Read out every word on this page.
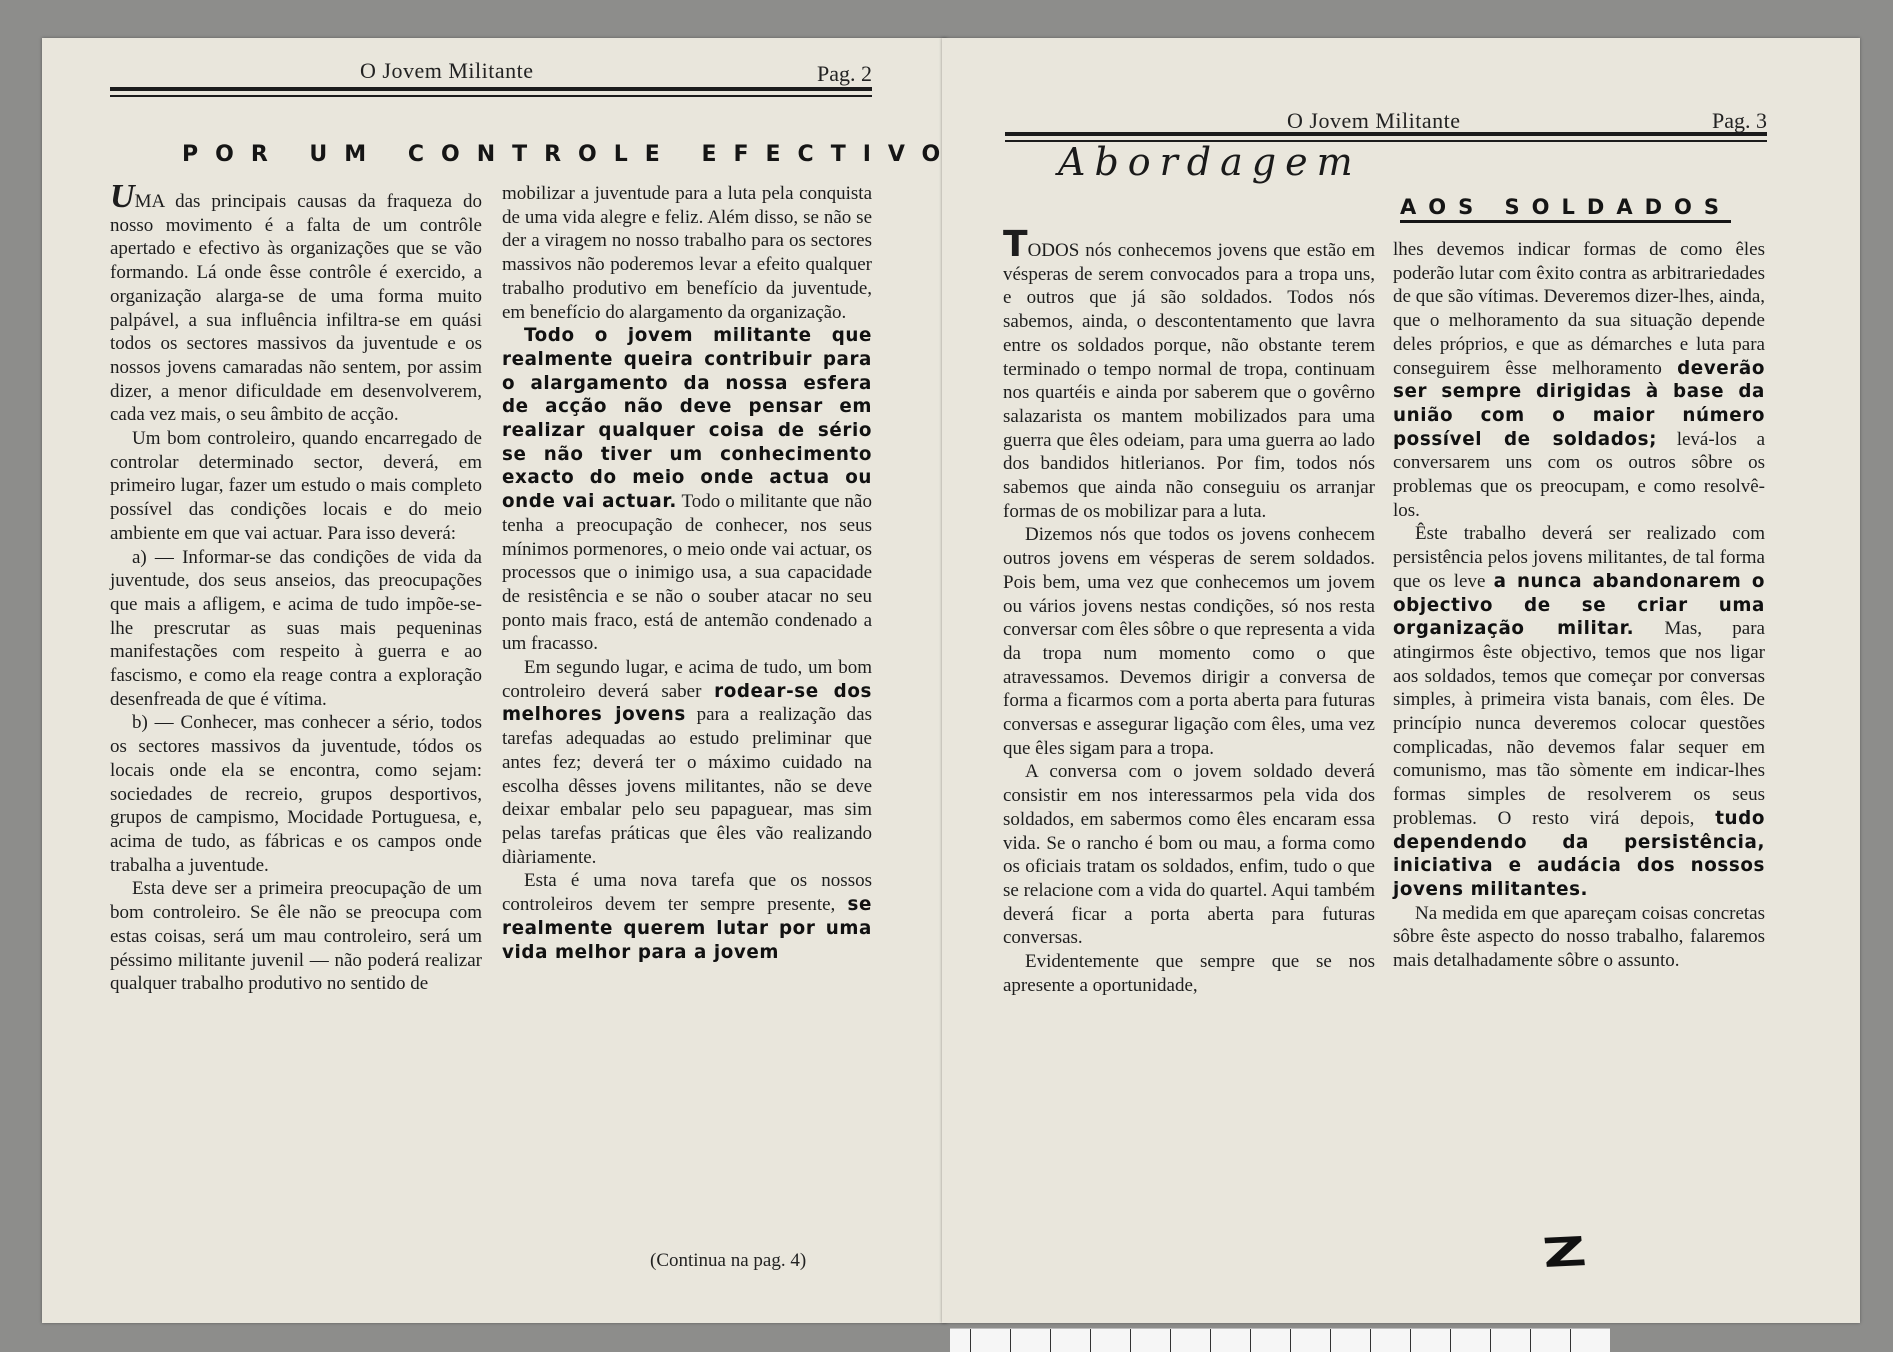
O Jovem Militante	Pag. 2
POR UM CONTROLE EFECTIVO

UMA das principais causas da fraqueza do nosso movimento é a falta de um contrôle apertado e efectivo às organizações que se vão formando. Lá onde êsse contrôle é exercido, a organização alarga-se de uma forma muito palpável, a sua influência infiltra-se em quási todos os sectores massivos da juventude e os nossos jovens camaradas não sentem, por assim dizer, a menor dificuldade em desenvolverem, cada vez mais, o seu âmbito de acção.

Um bom controleiro, quando encarregado de controlar determinado sector, deverá, em primeiro lugar, fazer um estudo o mais completo possível das condições locais e do meio ambiente em que vai actuar. Para isso deverá:

a) — Informar-se das condições de vida da juventude, dos seus anseios, das preocupações que mais a afligem, e acima de tudo impõe-se-lhe prescrutar as suas mais pequeninas manifestações com respeito à guerra e ao fascismo, e como ela reage contra a exploração desenfreada de que é vítima.

b) — Conhecer, mas conhecer a sério, todos os sectores massivos da juventude, tódos os locais onde ela se encontra, como sejam: sociedades de recreio, grupos desportivos, grupos de campismo, Mocidade Portuguesa, e, acima de tudo, as fábricas e os campos onde trabalha a juventude.

Esta deve ser a primeira preocupação de um bom controleiro. Se êle não se preocupa com estas coisas, será um mau controleiro, será um péssimo militante juvenil — não poderá realizar qualquer trabalho produtivo no sentido de

mobilizar a juventude para a luta pela conquista de uma vida alegre e feliz. Além disso, se não se der a viragem no nosso trabalho para os sectores massivos não poderemos levar a efeito qualquer trabalho produtivo em benefício da juventude, em benefício do alargamento da organização.

Todo o jovem militante que realmente queira contribuir para o alargamento da nossa esfera de acção não deve pensar em realizar qualquer coisa de sério se não tiver um conhecimento exacto do meio onde actua ou onde vai actuar. Todo o militante que não tenha a preocupação de conhecer, nos seus mínimos pormenores, o meio onde vai actuar, os processos que o inimigo usa, a sua capacidade de resistência e se não o souber atacar no seu ponto mais fraco, está de antemão condenado a um fracasso.

Em segundo lugar, e acima de tudo, um bom controleiro deverá saber rodear-se dos melhores jovens para a realização das tarefas adequadas ao estudo preliminar que antes fez; deverá ter o máximo cuidado na escolha dêsses jovens militantes, não se deve deixar embalar pelo seu papaguear, mas sim pelas tarefas práticas que êles vão realizando diàriamente.

Esta é uma nova tarefa que os nossos controleiros devem ter sempre presente, se realmente querem lutar por uma vida melhor para a jovem

(Continua na pag. 4)
O Jovem Militante	Pag. 3
Abordagem
AOS SOLDADOS

TODOS nós conhecemos jovens que estão em vésperas de serem convocados para a tropa uns, e outros que já são soldados. Todos nós sabemos, ainda, o descontentamento que lavra entre os soldados porque, não obstante terem terminado o tempo normal de tropa, continuam nos quartéis e ainda por saberem que o govêrno salazarista os mantem mobilizados para uma guerra que êles odeiam, para uma guerra ao lado dos bandidos hitlerianos. Por fim, todos nós sabemos que ainda não conseguiu os arranjar formas de os mobilizar para a luta.

Dizemos nós que todos os jovens conhecem outros jovens em vésperas de serem soldados. Pois bem, uma vez que conhecemos um jovem ou vários jovens nestas condições, só nos resta conversar com êles sôbre o que representa a vida da tropa num momento como o que atravessamos. Devemos dirigir a conversa de forma a ficarmos com a porta aberta para futuras conversas e assegurar ligação com êles, uma vez que êles sigam para a tropa.

A conversa com o jovem soldado deverá consistir em nos interessarmos pela vida dos soldados, em sabermos como êles encaram essa vida. Se o rancho é bom ou mau, a forma como os oficiais tratam os soldados, enfim, tudo o que se relacione com a vida do quartel. Aqui também deverá ficar a porta aberta para futuras conversas.

Evidentemente que sempre que se nos apresente a oportunidade,

lhes devemos indicar formas de como êles poderão lutar com êxito contra as arbitrariedades de que são vítimas. Deveremos dizer-lhes, ainda, que o melhoramento da sua situação depende deles próprios, e que as démarches e luta para conseguirem êsse melhoramento deverão ser sempre dirigidas à base da união com o maior número possível de soldados; levá-los a conversarem uns com os outros sôbre os problemas que os preocupam, e como resolvê-los.

Êste trabalho deverá ser realizado com persistência pelos jovens militantes, de tal forma que os leve a nunca abandonarem o objectivo de se criar uma organização militar. Mas, para atingirmos êste objectivo, temos que nos ligar aos soldados, temos que começar por conversas simples, à primeira vista banais, com êles. De princípio nunca deveremos colocar questões complicadas, não devemos falar sequer em comunismo, mas tão sòmente em indicar-lhes formas simples de resolverem os seus problemas. O resto virá depois, tudo dependendo da persistência, iniciativa e audácia dos nossos jovens militantes.

Na medida em que apareçam coisas concretas sôbre êste aspecto do nosso trabalho, falaremos mais detalhadamente sôbre o assunto.

Z
